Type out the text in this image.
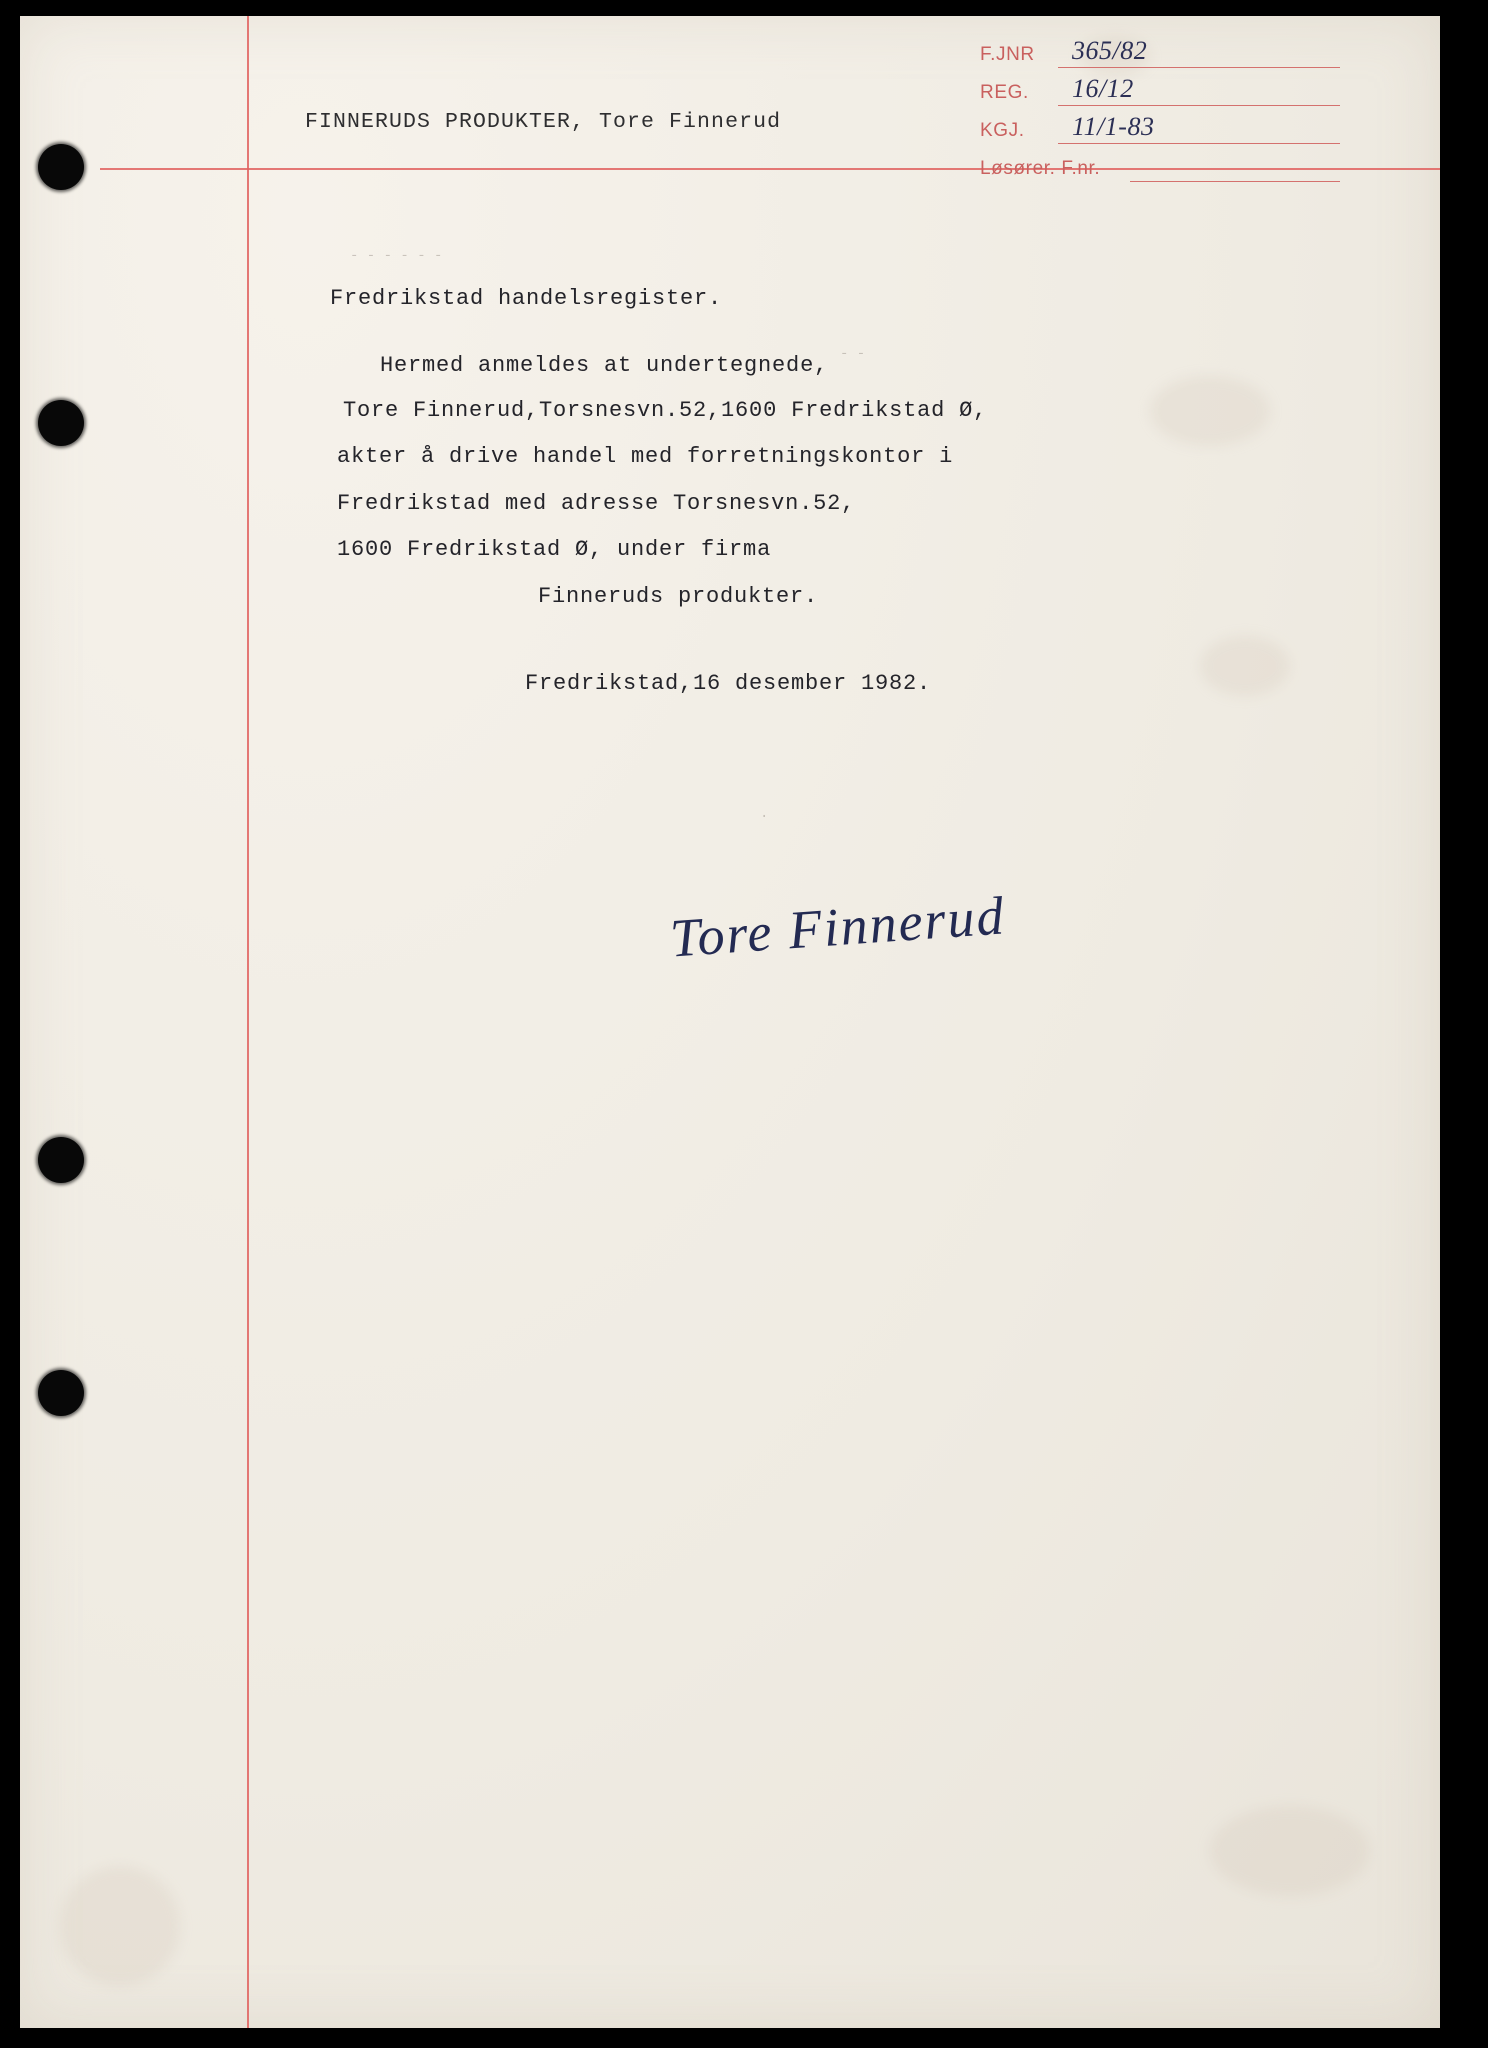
FINNERUDS PRODUKTER, Tore Finnerud
F.JNR 365/82
REG. 16/12
KGJ. 11/1-83
Løsører. F.nr.
Fredrikstad handelsregister.
Hermed anmeldes at undertegnede,
Tore Finnerud,Torsnesvn.52,1600 Fredrikstad Ø,
akter å drive handel med forretningskontor i
Fredrikstad med adresse Torsnesvn.52,
1600 Fredrikstad Ø, under firma
Finneruds produkter.
Fredrikstad,16 desember 1982.
Tore Finnerud
- - - - - -
- -
.
